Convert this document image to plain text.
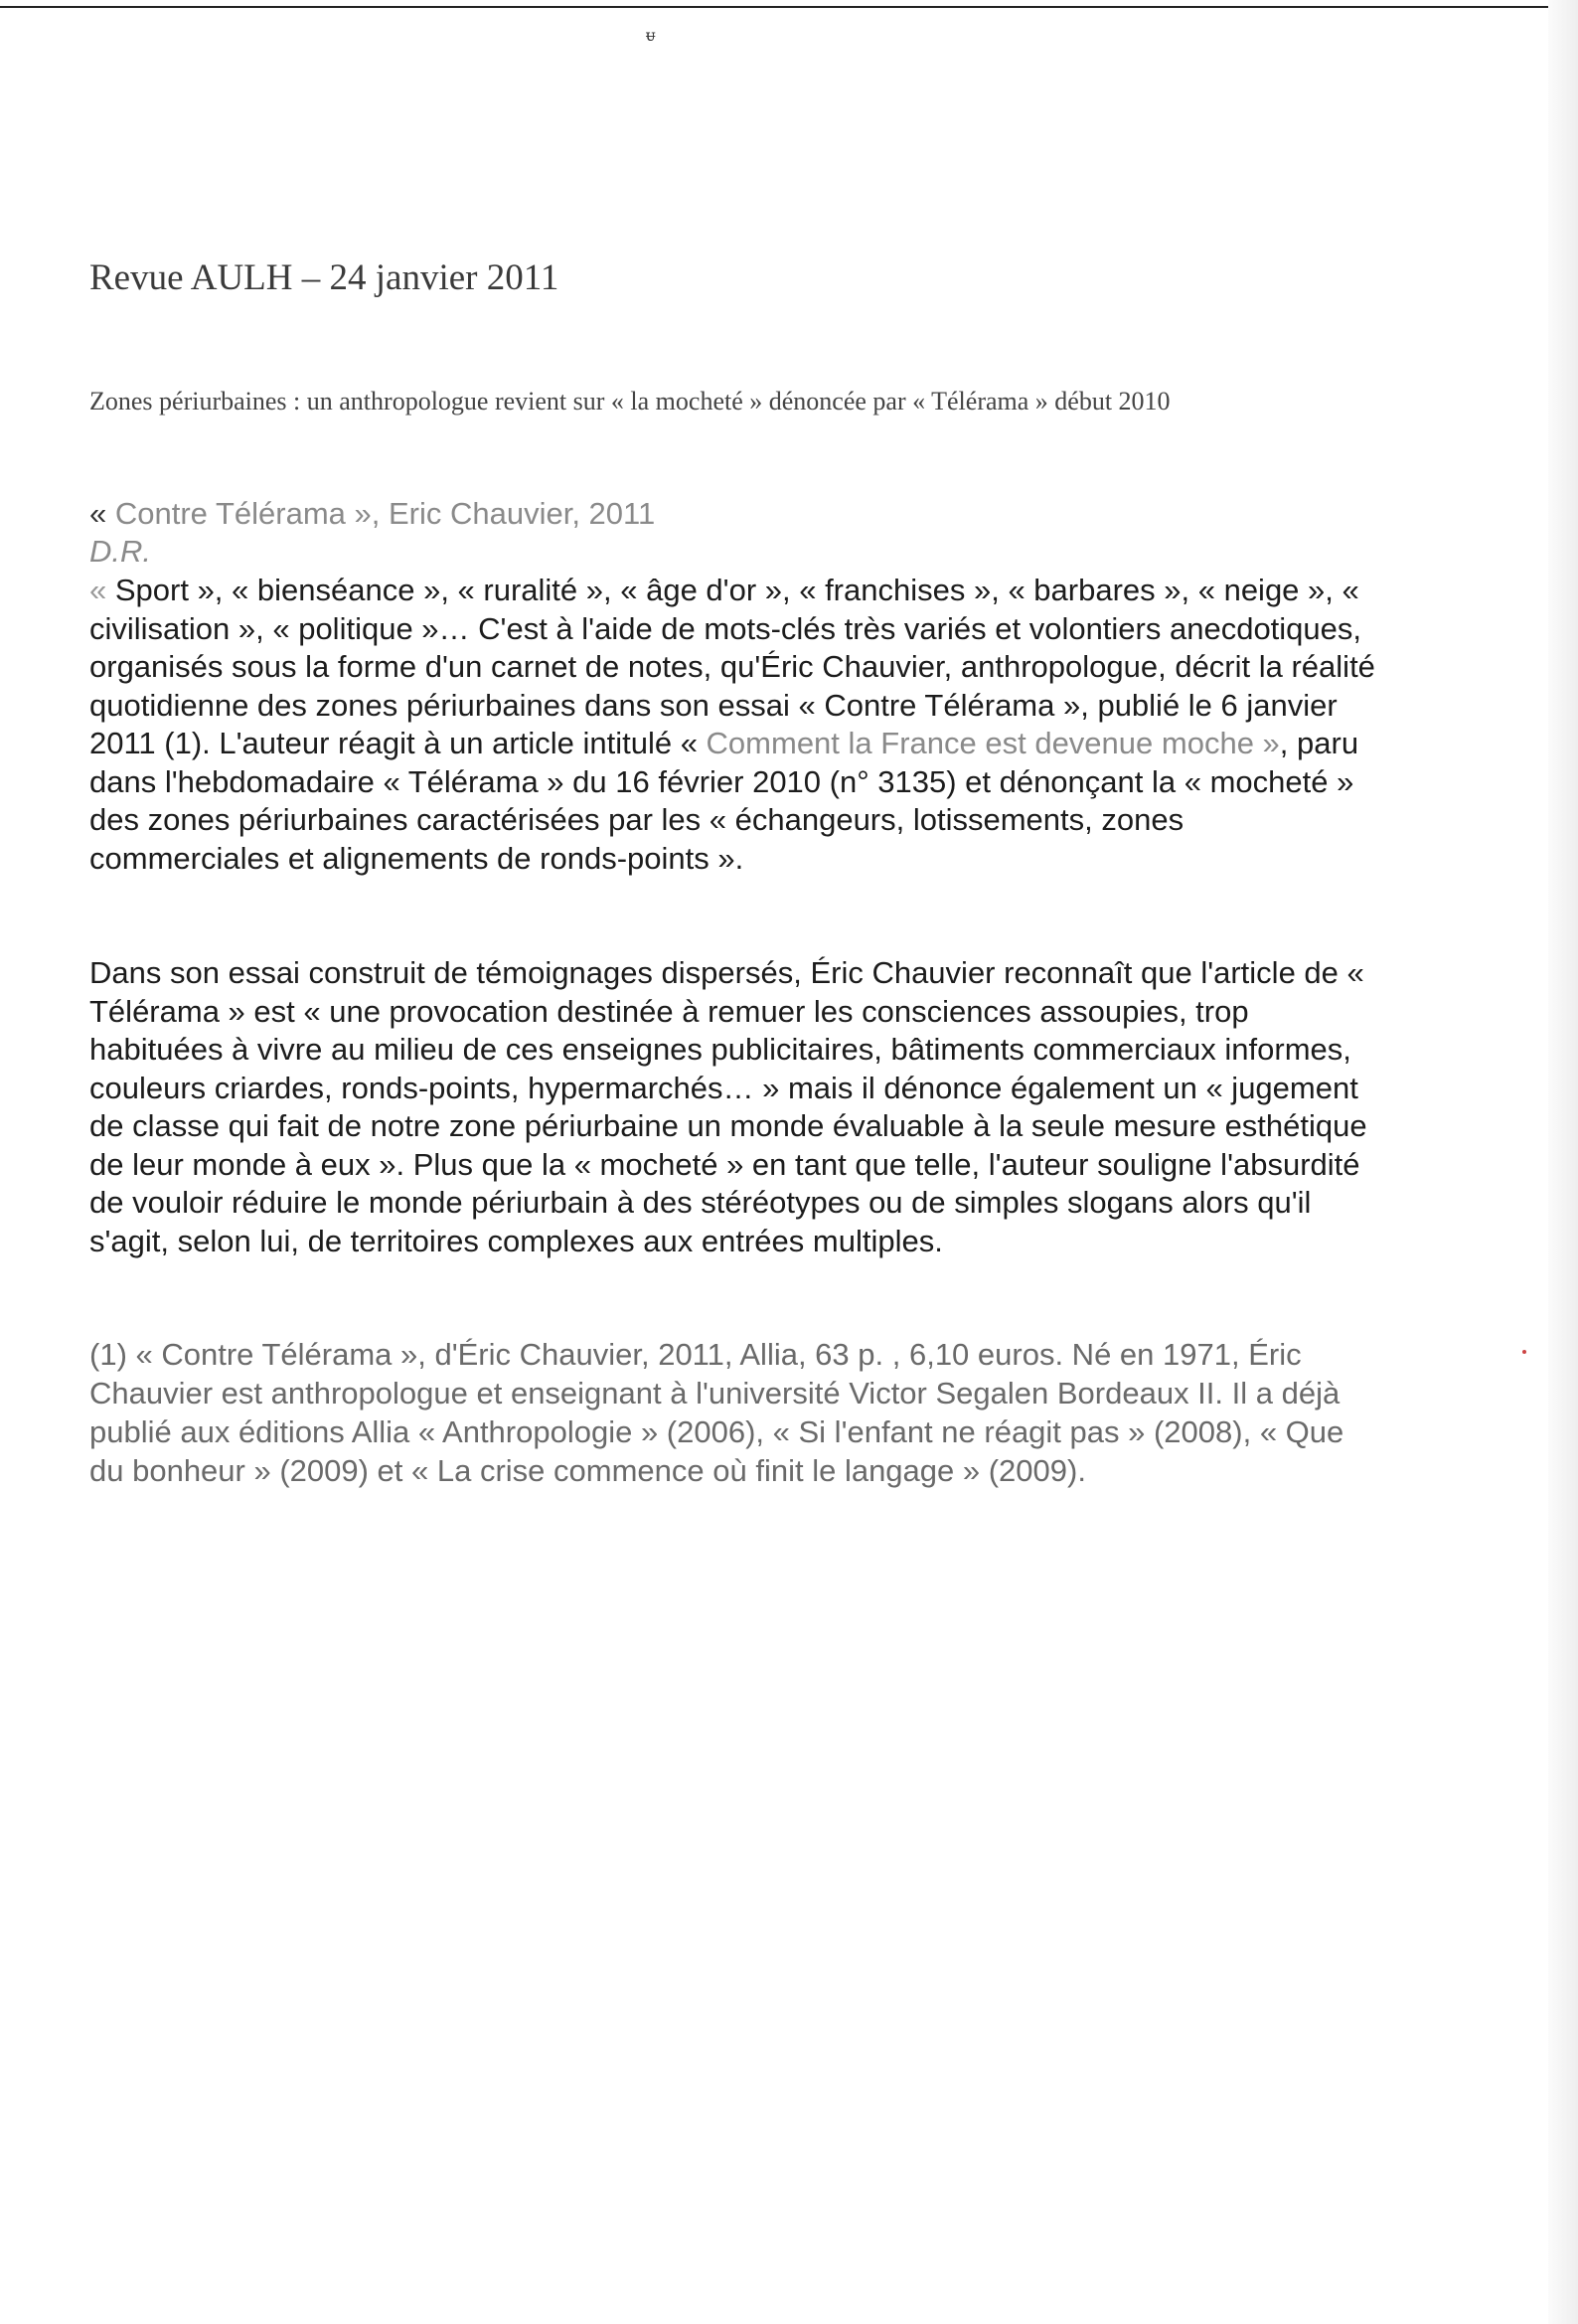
ᵾ
Revue AULH – 24 janvier 2011

Zones périurbaines : un anthropologue revient sur « la mocheté » dénoncée par « Télérama » début 2010

« Contre Télérama », Eric Chauvier, 2011
D.R.

« Sport », « bienséance », « ruralité », « âge d'or », « franchises », « barbares », « neige », « civilisation », « politique »… C'est à l'aide de mots-clés très variés et volontiers anecdotiques, organisés sous la forme d'un carnet de notes, qu'Éric Chauvier, anthropologue, décrit la réalité quotidienne des zones périurbaines dans son essai « Contre Télérama », publié le 6 janvier 2011 (1). L'auteur réagit à un article intitulé « Comment la France est devenue moche », paru dans l'hebdomadaire « Télérama » du 16 février 2010 (n° 3135) et dénonçant la « mocheté » des zones périurbaines caractérisées par les « échangeurs, lotissements, zones commerciales et alignements de ronds-points ».

Dans son essai construit de témoignages dispersés, Éric Chauvier reconnaît que l'article de « Télérama » est « une provocation destinée à remuer les consciences assoupies, trop habituées à vivre au milieu de ces enseignes publicitaires, bâtiments commerciaux informes, couleurs criardes, ronds-points, hypermarchés… » mais il dénonce également un « jugement de classe qui fait de notre zone périurbaine un monde évaluable à la seule mesure esthétique de leur monde à eux ». Plus que la « mocheté » en tant que telle, l'auteur souligne l'absurdité de vouloir réduire le monde périurbain à des stéréotypes ou de simples slogans alors qu'il s'agit, selon lui, de territoires complexes aux entrées multiples.

(1) « Contre Télérama », d'Éric Chauvier, 2011, Allia, 63 p. , 6,10 euros. Né en 1971, Éric Chauvier est anthropologue et enseignant à l'université Victor Segalen Bordeaux II. Il a déjà publié aux éditions Allia « Anthropologie » (2006), « Si l'enfant ne réagit pas » (2008), « Que du bonheur » (2009) et « La crise commence où finit le langage » (2009).
